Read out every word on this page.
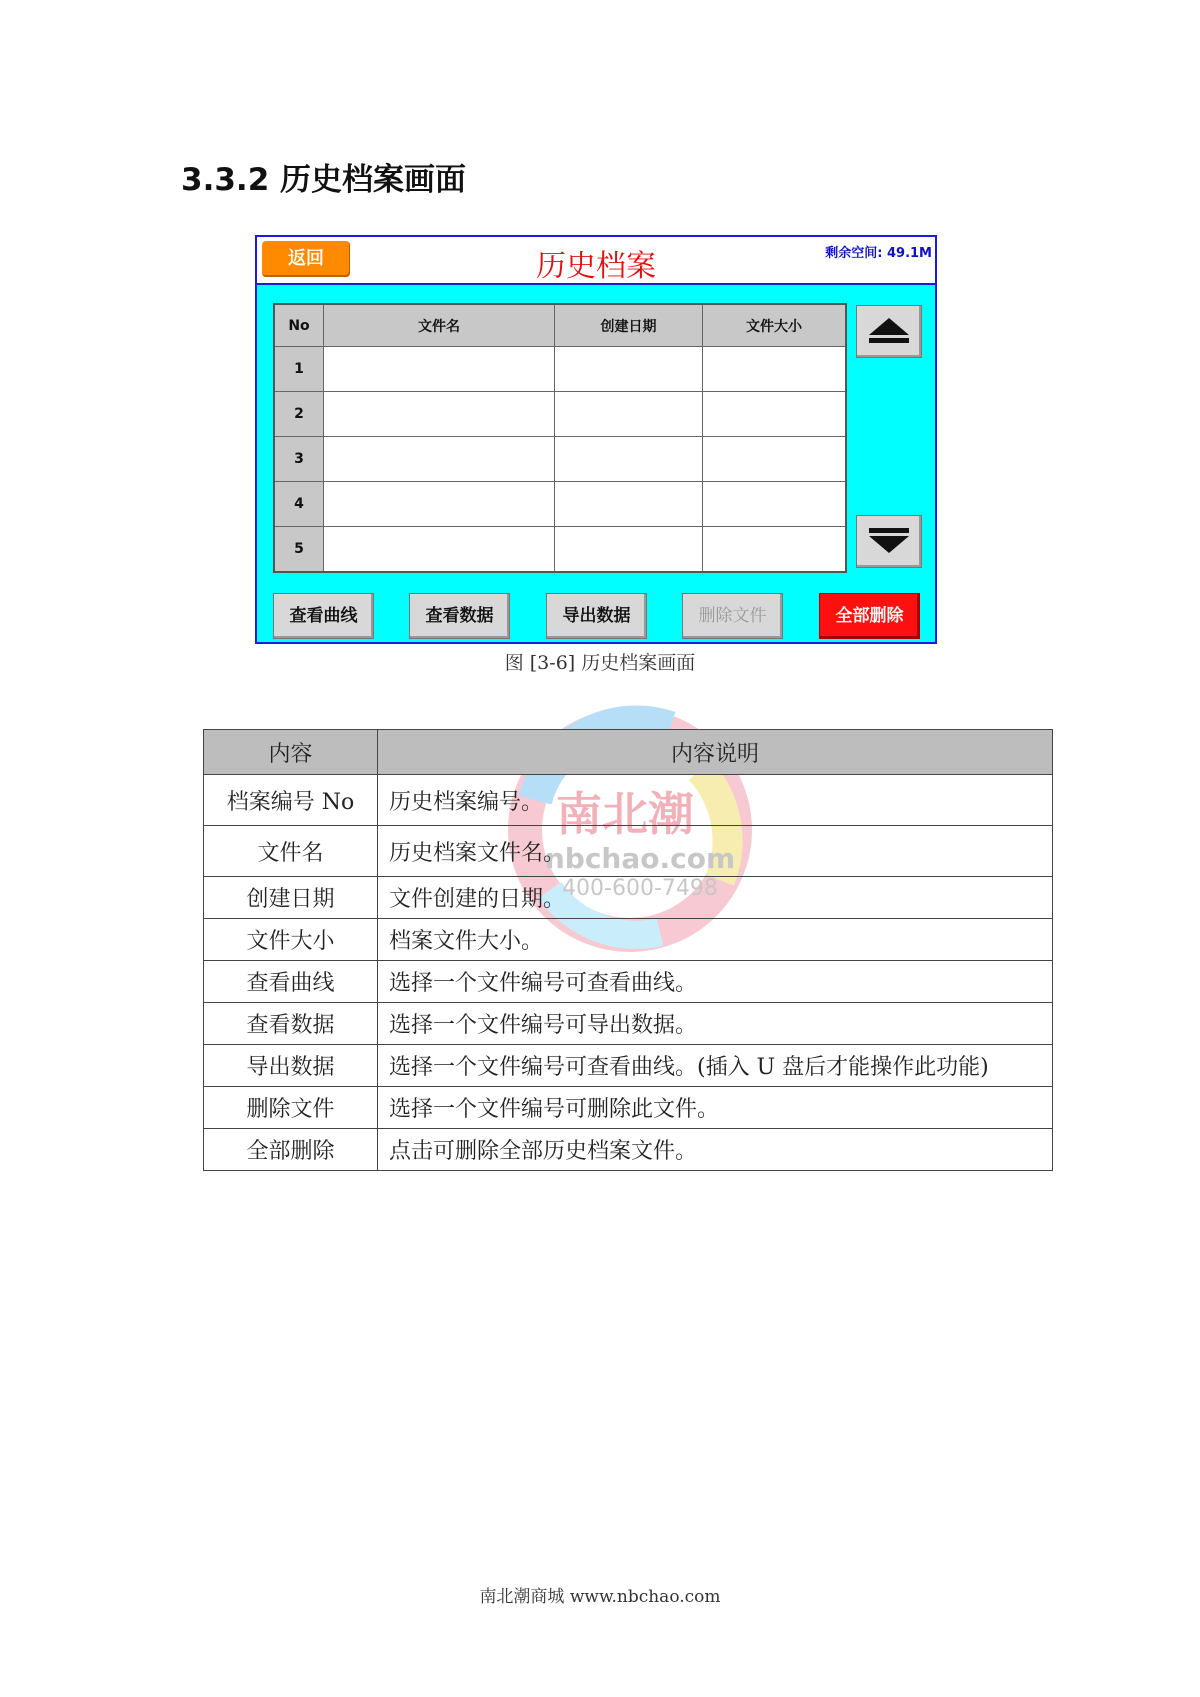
3.3.2 历史档案画面
返回	历史档案	剩余空间: 49.1M
No	文件名	创建日期	文件大小
1			
2			
3			
4			
5			
查看曲线	查看数据	导出数据	删除文件	全部删除
图 [3-6] 历史档案画面
南北潮
nbchao.com
400-600-7498
内容	内容说明
档案编号 No	历史档案编号。
文件名	历史档案文件名。
创建日期	文件创建的日期。
文件大小	档案文件大小。
查看曲线	选择一个文件编号可查看曲线。
查看数据	选择一个文件编号可导出数据。
导出数据	选择一个文件编号可查看曲线。(插入 U 盘后才能操作此功能)
删除文件	选择一个文件编号可删除此文件。
全部删除	点击可删除全部历史档案文件。
南北潮商城 www.nbchao.com
